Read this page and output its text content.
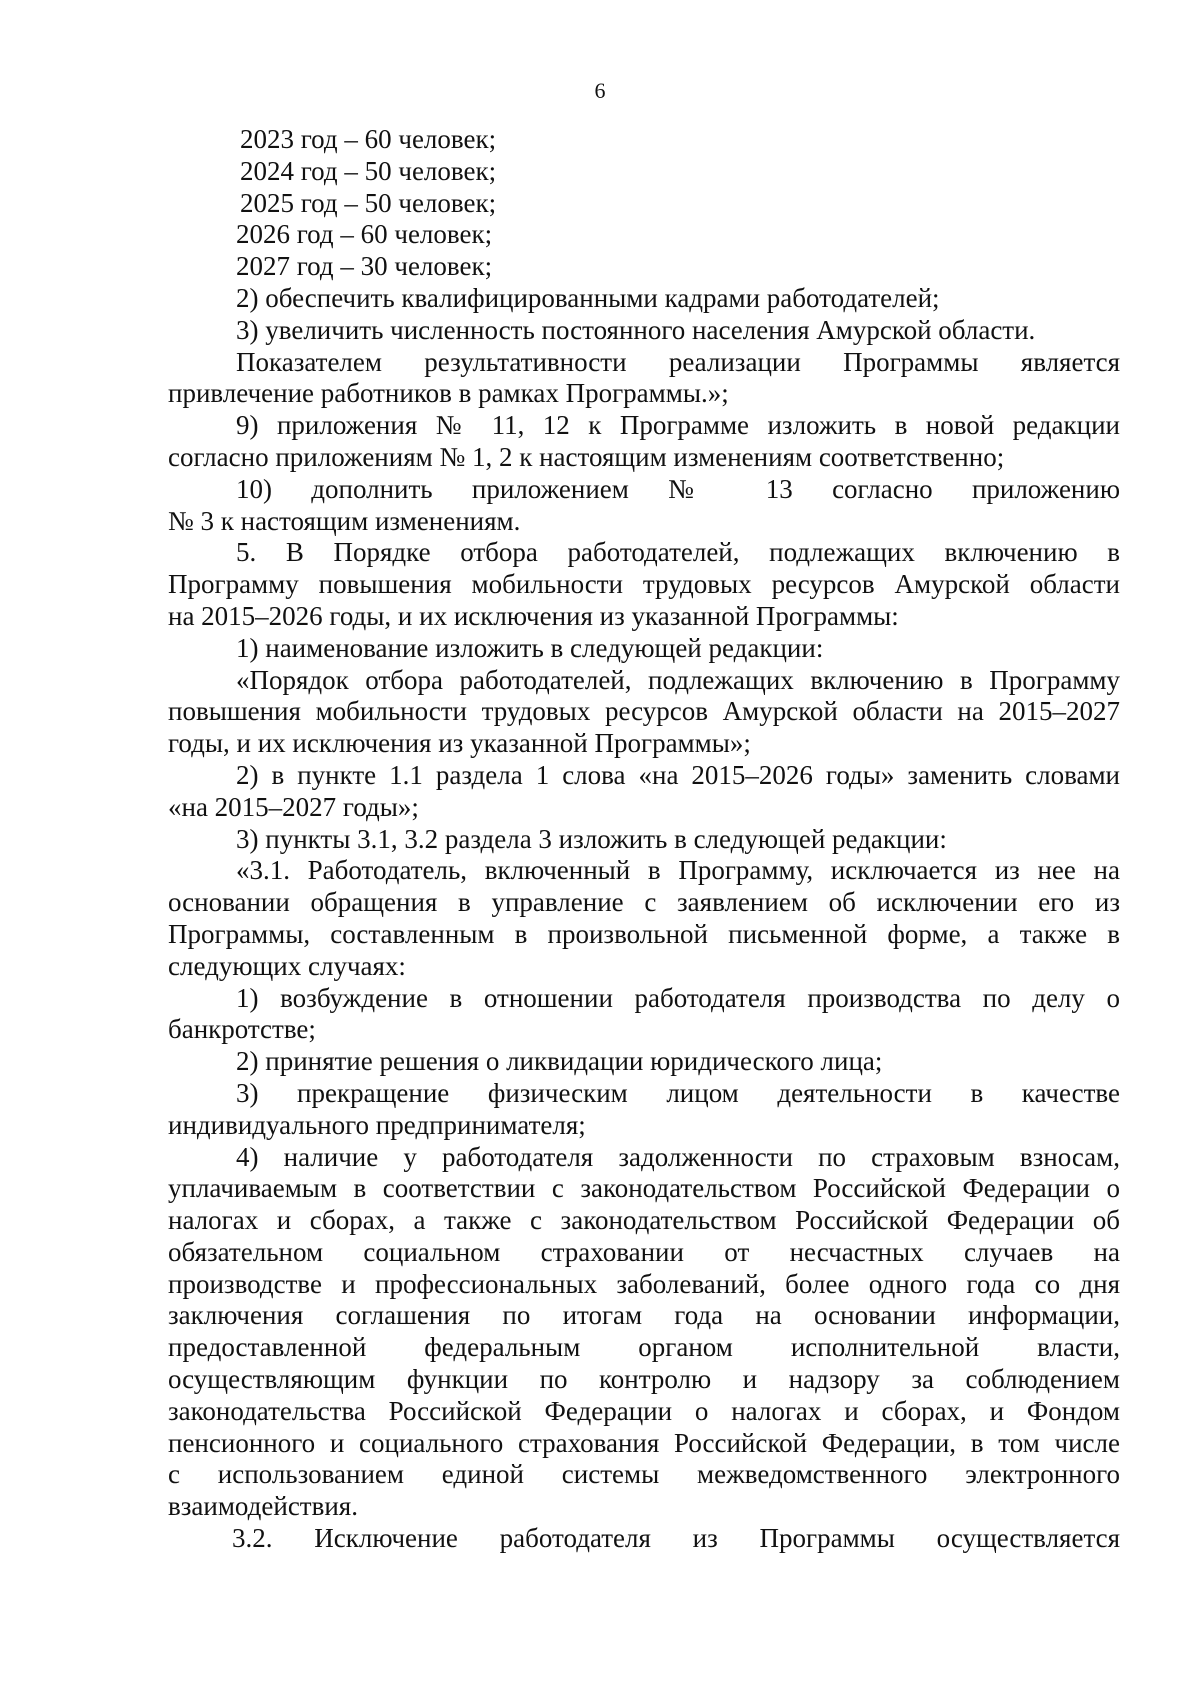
6
2023 год – 60 человек;
2024 год – 50 человек;
2025 год – 50 человек;
2026 год – 60 человек;
2027 год – 30 человек;
2) обеспечить квалифицированными кадрами работодателей;
3) увеличить численность постоянного населения Амурской области.
Показателем результативности реализации Программы является
привлечение работников в рамках Программы.»;
9) приложения № 11, 12 к Программе изложить в новой редакции
согласно приложениям № 1, 2 к настоящим изменениям соответственно;
10) дополнить приложением № 13 согласно приложению
№ 3 к настоящим изменениям.
5. В Порядке отбора работодателей, подлежащих включению в
Программу повышения мобильности трудовых ресурсов Амурской области
на 2015–2026 годы, и их исключения из указанной Программы:
1) наименование изложить в следующей редакции:
«Порядок отбора работодателей, подлежащих включению в Программу
повышения мобильности трудовых ресурсов Амурской области на 2015–2027
годы, и их исключения из указанной Программы»;
2) в пункте 1.1 раздела 1 слова «на 2015–2026 годы» заменить словами
«на 2015–2027 годы»;
3) пункты 3.1, 3.2 раздела 3 изложить в следующей редакции:
«3.1. Работодатель, включенный в Программу, исключается из нее на
основании обращения в управление с заявлением об исключении его из
Программы, составленным в произвольной письменной форме, а также в
следующих случаях:
1) возбуждение в отношении работодателя производства по делу о
банкротстве;
2) принятие решения о ликвидации юридического лица;
3) прекращение физическим лицом деятельности в качестве
индивидуального предпринимателя;
4) наличие у работодателя задолженности по страховым взносам,
уплачиваемым в соответствии с законодательством Российской Федерации о
налогах и сборах, а также с законодательством Российской Федерации об
обязательном социальном страховании от несчастных случаев на
производстве и профессиональных заболеваний, более одного года со дня
заключения соглашения по итогам года на основании информации,
предоставленной федеральным органом исполнительной власти,
осуществляющим функции по контролю и надзору за соблюдением
законодательства Российской Федерации о налогах и сборах, и Фондом
пенсионного и социального страхования Российской Федерации, в том числе
с использованием единой системы межведомственного электронного
взаимодействия.
3.2. Исключение работодателя из Программы осуществляется
